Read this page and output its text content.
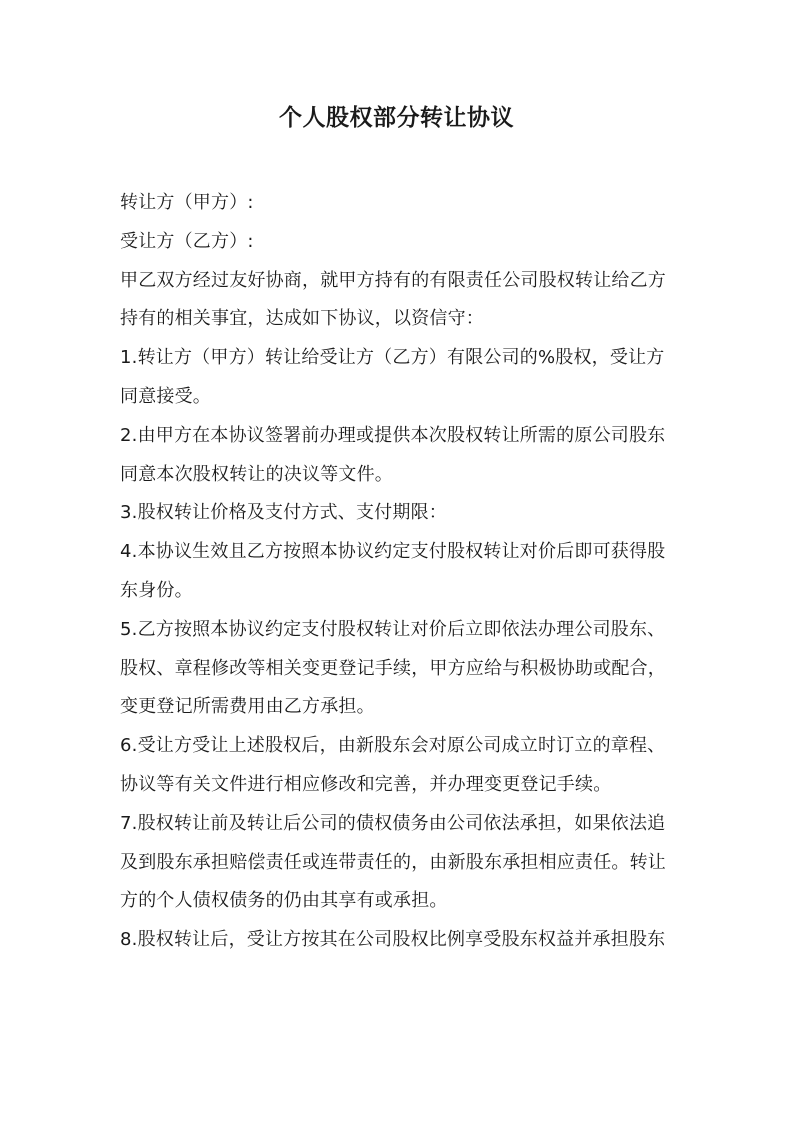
个人股权部分转让协议

转让方（甲方）:

受让方（乙方）:

甲乙双方经过友好协商，就甲方持有的有限责任公司股权转让给乙方持有的相关事宜，达成如下协议，以资信守：

1.转让方（甲方）转让给受让方（乙方）有限公司的%股权，受让方同意接受。

2.由甲方在本协议签署前办理或提供本次股权转让所需的原公司股东同意本次股权转让的决议等文件。

3.股权转让价格及支付方式、支付期限：

4.本协议生效且乙方按照本协议约定支付股权转让对价后即可获得股东身份。

5.乙方按照本协议约定支付股权转让对价后立即依法办理公司股东、股权、章程修改等相关变更登记手续，甲方应给与积极协助或配合，变更登记所需费用由乙方承担。

6.受让方受让上述股权后，由新股东会对原公司成立时订立的章程、协议等有关文件进行相应修改和完善，并办理变更登记手续。

7.股权转让前及转让后公司的债权债务由公司依法承担，如果依法追及到股东承担赔偿责任或连带责任的，由新股东承担相应责任。转让方的个人债权债务的仍由其享有或承担。

8.股权转让后，受让方按其在公司股权比例享受股东权益并承担股东
